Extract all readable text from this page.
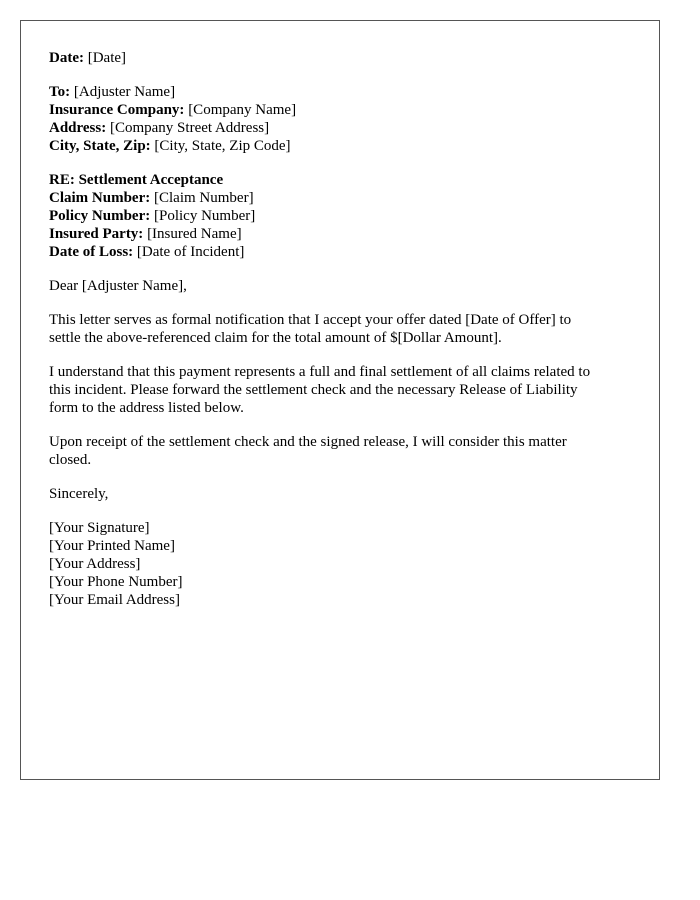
Date: [Date]
To: [Adjuster Name]
Insurance Company: [Company Name]
Address: [Company Street Address]
City, State, Zip: [City, State, Zip Code]
RE: Settlement Acceptance
Claim Number: [Claim Number]
Policy Number: [Policy Number]
Insured Party: [Insured Name]
Date of Loss: [Date of Incident]

Dear [Adjuster Name],

This letter serves as formal notification that I accept your offer dated [Date of Offer] to
settle the above-referenced claim for the total amount of $[Dollar Amount].

I understand that this payment represents a full and final settlement of all claims related to
this incident. Please forward the settlement check and the necessary Release of Liability
form to the address listed below.

Upon receipt of the settlement check and the signed release, I will consider this matter
closed.

Sincerely,

[Your Signature]
[Your Printed Name]
[Your Address]
[Your Phone Number]
[Your Email Address]
